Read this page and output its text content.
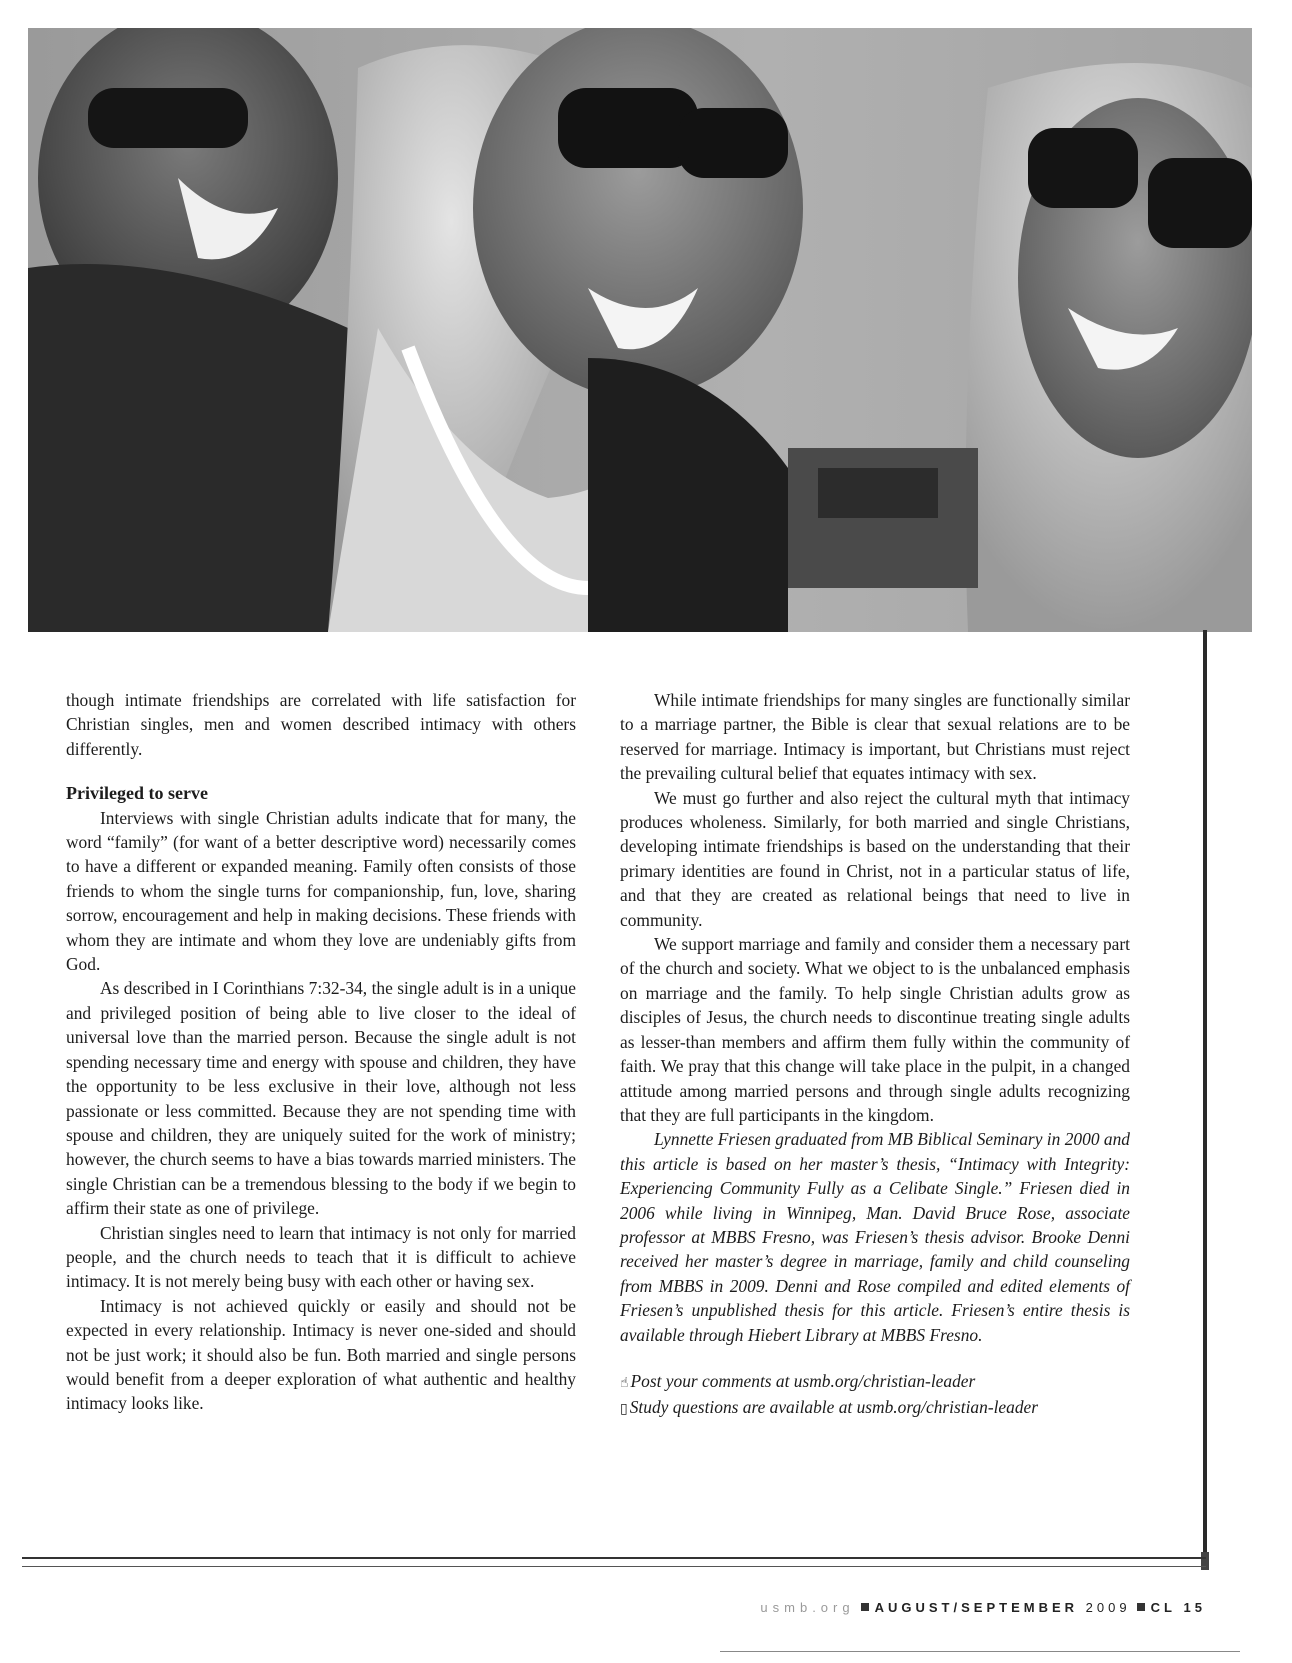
though intimate friendships are correlated with life satisfaction for Christian singles, men and women described intimacy with others differently.

Privileged to serve

Interviews with single Christian adults indicate that for many, the word “family” (for want of a better descriptive word) necessarily comes to have a different or expanded meaning. Family often consists of those friends to whom the single turns for companionship, fun, love, sharing sorrow, encouragement and help in making decisions. These friends with whom they are intimate and whom they love are undeniably gifts from God.

As described in I Corinthians 7:32-34, the single adult is in a unique and privileged position of being able to live closer to the ideal of universal love than the married person. Because the single adult is not spending necessary time and energy with spouse and children, they have the opportunity to be less exclusive in their love, although not less passionate or less committed. Because they are not spending time with spouse and children, they are uniquely suited for the work of ministry; however, the church seems to have a bias towards married ministers. The single Christian can be a tremendous blessing to the body if we begin to affirm their state as one of privilege.

Christian singles need to learn that intimacy is not only for married people, and the church needs to teach that it is difficult to achieve intimacy. It is not merely being busy with each other or having sex.

Intimacy is not achieved quickly or easily and should not be expected in every relationship. Intimacy is never one-sided and should not be just work; it should also be fun. Both married and single persons would benefit from a deeper exploration of what authentic and healthy intimacy looks like.

While intimate friendships for many singles are functionally similar to a marriage partner, the Bible is clear that sexual relations are to be reserved for marriage. Intimacy is important, but Christians must reject the prevailing cultural belief that equates intimacy with sex.

We must go further and also reject the cultural myth that intimacy produces wholeness. Similarly, for both married and single Christians, developing intimate friendships is based on the understanding that their primary identities are found in Christ, not in a particular status of life, and that they are created as relational beings that need to live in community.

We support marriage and family and consider them a necessary part of the church and society. What we object to is the unbalanced emphasis on marriage and the family. To help single Christian adults grow as disciples of Jesus, the church needs to discontinue treating single adults as lesser-than members and affirm them fully within the community of faith. We pray that this change will take place in the pulpit, in a changed attitude among married persons and through single adults recognizing that they are full participants in the kingdom.

Lynnette Friesen graduated from MB Biblical Seminary in 2000 and this article is based on her master’s thesis, “Intimacy with Integrity: Experiencing Community Fully as a Celibate Single.” Friesen died in 2006 while living in Winnipeg, Man. David Bruce Rose, associate professor at MBBS Fresno, was Friesen’s thesis advisor. Brooke Denni received her master’s degree in marriage, family and child counseling from MBBS in 2009. Denni and Rose compiled and edited elements of Friesen’s unpublished thesis for this article. Friesen’s entire thesis is available through Hiebert Library at MBBS Fresno.

☝ Post your comments at usmb.org/christian-leader
▯ Study questions are available at usmb.org/christian-leader
usmb.org AUGUST/SEPTEMBER 2009 CL 15
